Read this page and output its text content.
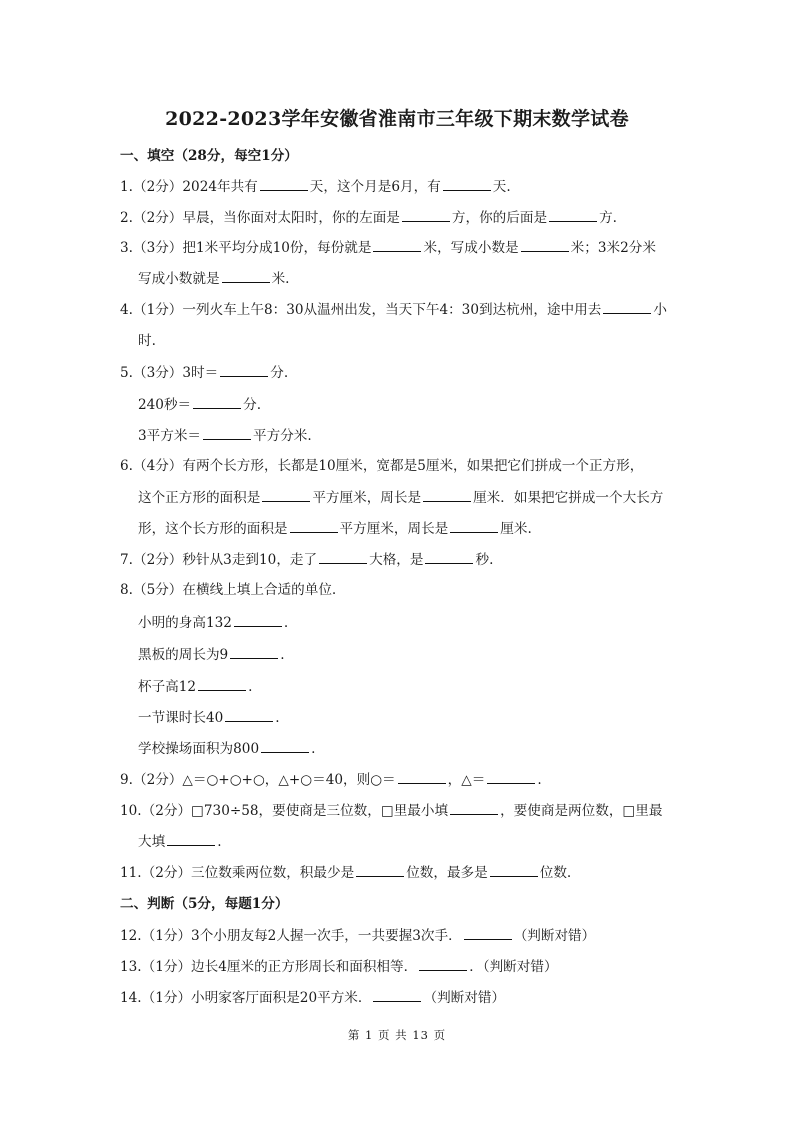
2022-2023学年安徽省淮南市三年级下期末数学试卷
一、填空（28分，每空1分）
1.（2分）2024年共有	天，这个月是6月，有	天.
2.（2分）早晨，当你面对太阳时，你的左面是	方，你的后面是	方.
3.（3分）把1米平均分成10份，每份就是	米，写成小数是	米；3米2分米
写成小数就是	米.
4.（1分）一列火车上午8：30从温州出发，当天下午4：30到达杭州，途中用去	小
时.
5.（3分）3时＝	分.
240秒＝	分.
3平方米＝	平方分米.
6.（4分）有两个长方形，长都是10厘米，宽都是5厘米，如果把它们拼成一个正方形，
这个正方形的面积是	平方厘米，周长是	厘米．如果把它拼成一个大长方
形，这个长方形的面积是	平方厘米，周长是	厘米.
7.（2分）秒针从3走到10，走了	大格，是	秒.
8.（5分）在横线上填上合适的单位.
小明的身高132	.
黑板的周长为9	.
杯子高12	.
一节课时长40	.
学校操场面积为800	.
9.（2分）△＝○+○+○，△+○＝40，则○＝	，△＝	.
10.（2分）□730÷58，要使商是三位数，□里最小填	，要使商是两位数，□里最
大填	.
11.（2分）三位数乘两位数，积最少是	位数，最多是	位数.
二、判断（5分，每题1分）
12.（1分）3个小朋友每2人握一次手，一共要握3次手．	（判断对错）
13.（1分）边长4厘米的正方形周长和面积相等．	．（判断对错）
14.（1分）小明家客厅面积是20平方米．	（判断对错）
第 1 页 共 13 页
